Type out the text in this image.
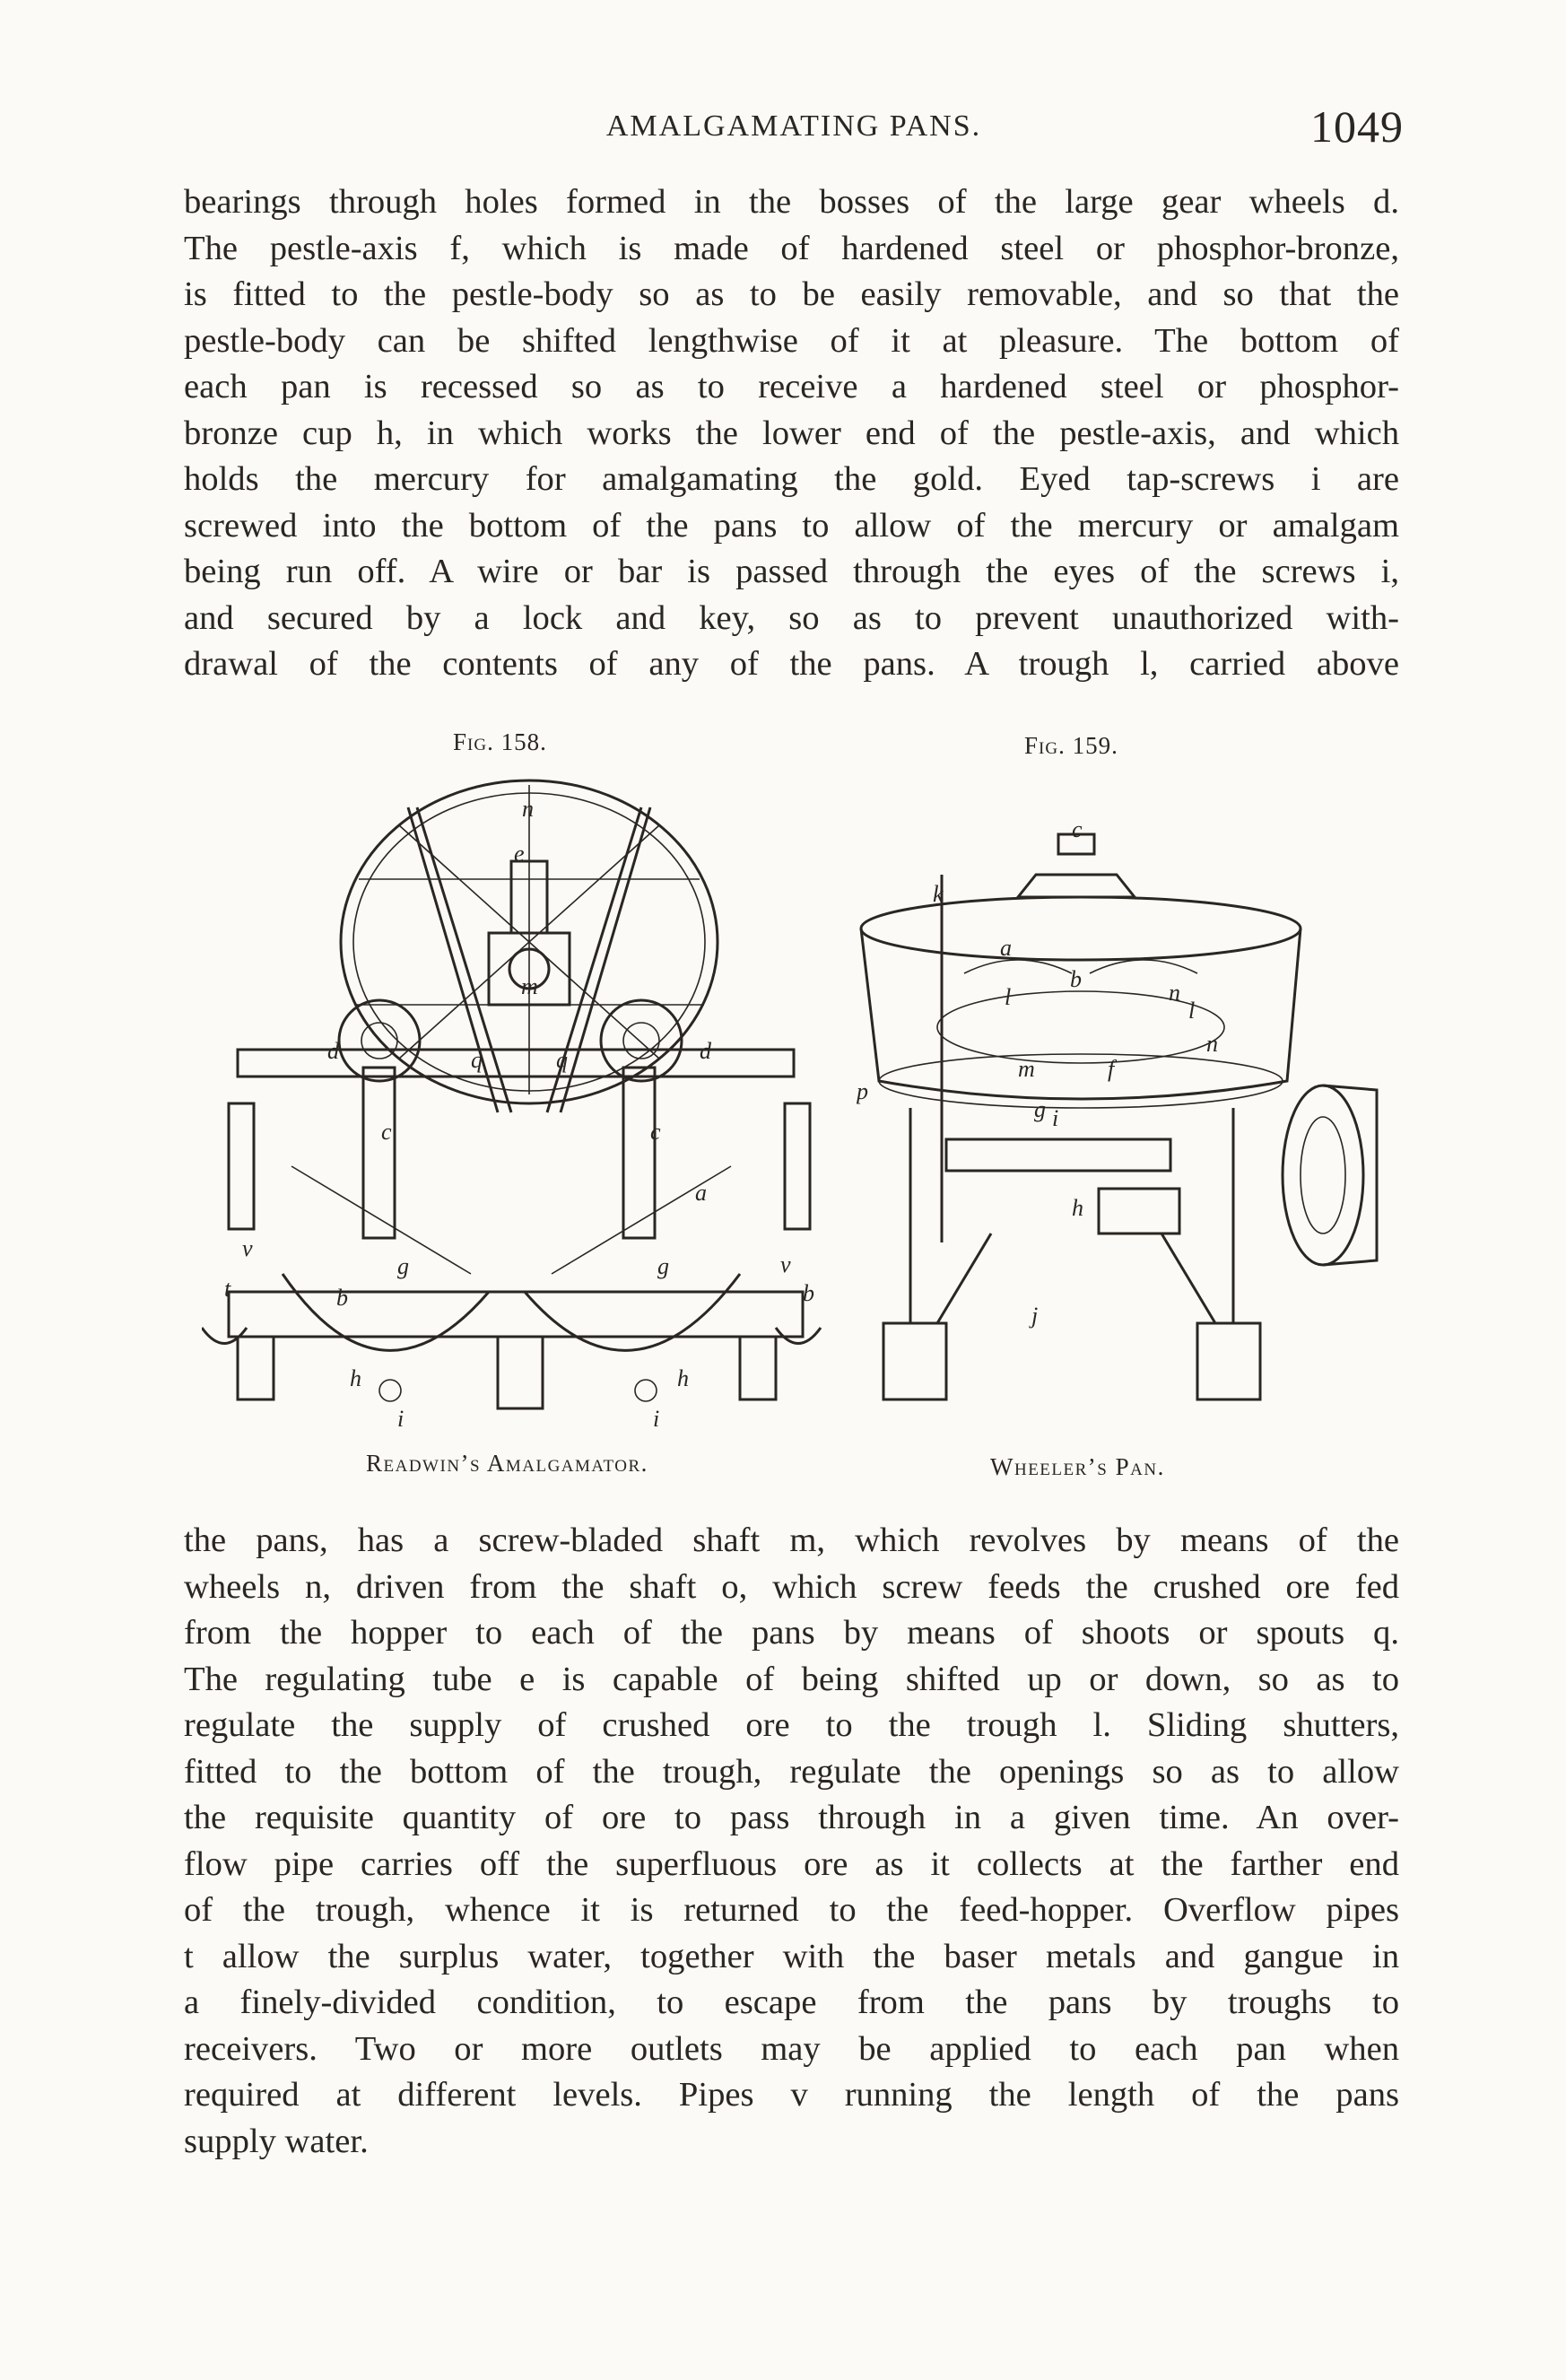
AMALGAMATING PANS.	1049
bearings through holes formed in the bosses of the large gear wheels d.
The pestle-axis f, which is made of hardened steel or phosphor-bronze,
is fitted to the pestle-body so as to be easily removable, and so that the
pestle-body can be shifted lengthwise of it at pleasure. The bottom of
each pan is recessed so as to receive a hardened steel or phosphor-
bronze cup h, in which works the lower end of the pestle-axis, and which
holds the mercury for amalgamating the gold. Eyed tap-screws i are
screwed into the bottom of the pans to allow of the mercury or amalgam
being run off. A wire or bar is passed through the eyes of the screws i,
and secured by a lock and key, so as to prevent unauthorized with-
drawal of the contents of any of the pans. A trough l, carried above
Fig. 158.
n
e
m
d	d
q	q
c	c
a
v
v
t
g	g
b	b
h	h
i	i
Readwin’s Amalgamator.
Fig. 159.
c
k
a
b
n
l
l
n
p
m	f
g i
h
j
Wheeler’s Pan.
the pans, has a screw-bladed shaft m, which revolves by means of the
wheels n, driven from the shaft o, which screw feeds the crushed ore fed
from the hopper to each of the pans by means of shoots or spouts q.
The regulating tube e is capable of being shifted up or down, so as to
regulate the supply of crushed ore to the trough l. Sliding shutters,
fitted to the bottom of the trough, regulate the openings so as to allow
the requisite quantity of ore to pass through in a given time. An over-
flow pipe carries off the superfluous ore as it collects at the farther end
of the trough, whence it is returned to the feed-hopper. Overflow pipes
t allow the surplus water, together with the baser metals and gangue in
a finely-divided condition, to escape from the pans by troughs to
receivers. Two or more outlets may be applied to each pan when
required at different levels. Pipes v running the length of the pans
supply water.
